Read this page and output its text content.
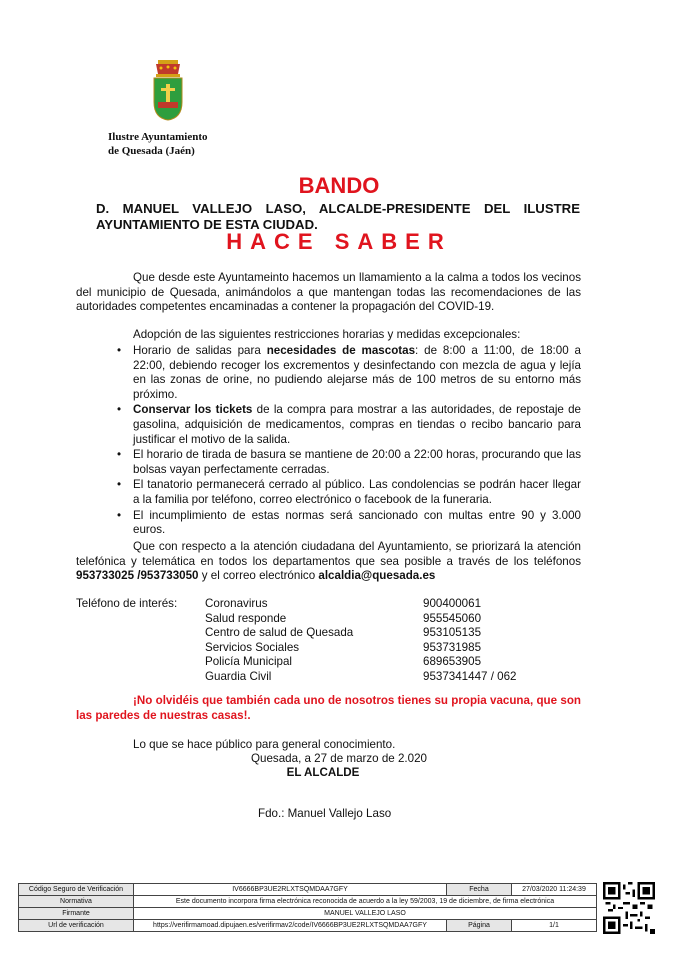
Ilustre Ayuntamiento
de Quesada (Jaén)
BANDO
D. MANUEL VALLEJO LASO, ALCALDE-PRESIDENTE DEL ILUSTRE AYUNTAMIENTO DE ESTA CIUDAD.
HACE SABER
Que desde este Ayuntameinto hacemos un llamamiento a la calma a todos los vecinos del municipio de Quesada, animándolos a que mantengan todas las recomendaciones de las autoridades competentes encaminadas a contener la propagación del COVID-19.
Adopción de las siguientes restricciones horarias y medidas excepcionales:
• Horario de salidas para necesidades de mascotas: de 8:00 a 11:00, de 18:00 a 22:00, debiendo recoger los excrementos y desinfectando con mezcla de agua y lejía en las zonas de orine, no pudiendo alejarse más de 100 metros de su entorno más próximo.
• Conservar los tickets de la compra para mostrar a las autoridades, de repostaje de gasolina, adquisición de medicamentos, compras en tiendas o recibo bancario para justificar el motivo de la salida.
• El horario de tirada de basura se mantiene de 20:00 a 22:00 horas, procurando que las bolsas vayan perfectamente cerradas.
• El tanatorio permanecerá cerrado al público. Las condolencias se podrán hacer llegar a la familia por teléfono, correo electrónico o facebook de la funeraria.
• El incumplimiento de estas normas será sancionado con multas entre 90 y 3.000 euros.
Que con respecto a la atención ciudadana del Ayuntamiento, se priorizará la atención telefónica y telemática en todos los departamentos que sea posible a través de los teléfonos 953733025 /953733050 y el correo electrónico alcaldia@quesada.es
Teléfono de interés: Coronavirus	900400061
Salud responde	955545060
Centro de salud de Quesada	953105135
Servicios Sociales	953731985
Policía Municipal	689653905
Guardia Civil	9537341447 / 062
¡No olvidéis que también cada uno de nosotros tienes su propia vacuna, que son las paredes de nuestras casas!.
Lo que se hace público para general conocimiento.
Quesada, a 27 de marzo de 2.020
EL ALCALDE
Fdo.: Manuel Vallejo Laso
Código Seguro de Verificación	IV6666BP3UE2RLXTSQMDAA7GFY	Fecha	27/03/2020 11:24:39
Normativa	Este documento incorpora firma electrónica reconocida de acuerdo a la ley 59/2003, 19 de diciembre, de firma electrónica		
Firmante	MANUEL VALLEJO LASO		
Url de verificación	https://verifirmamoad.dipujaen.es/verifirmav2/code/IV6666BP3UE2RLXTSQMDAA7GFY	Página	1/1
